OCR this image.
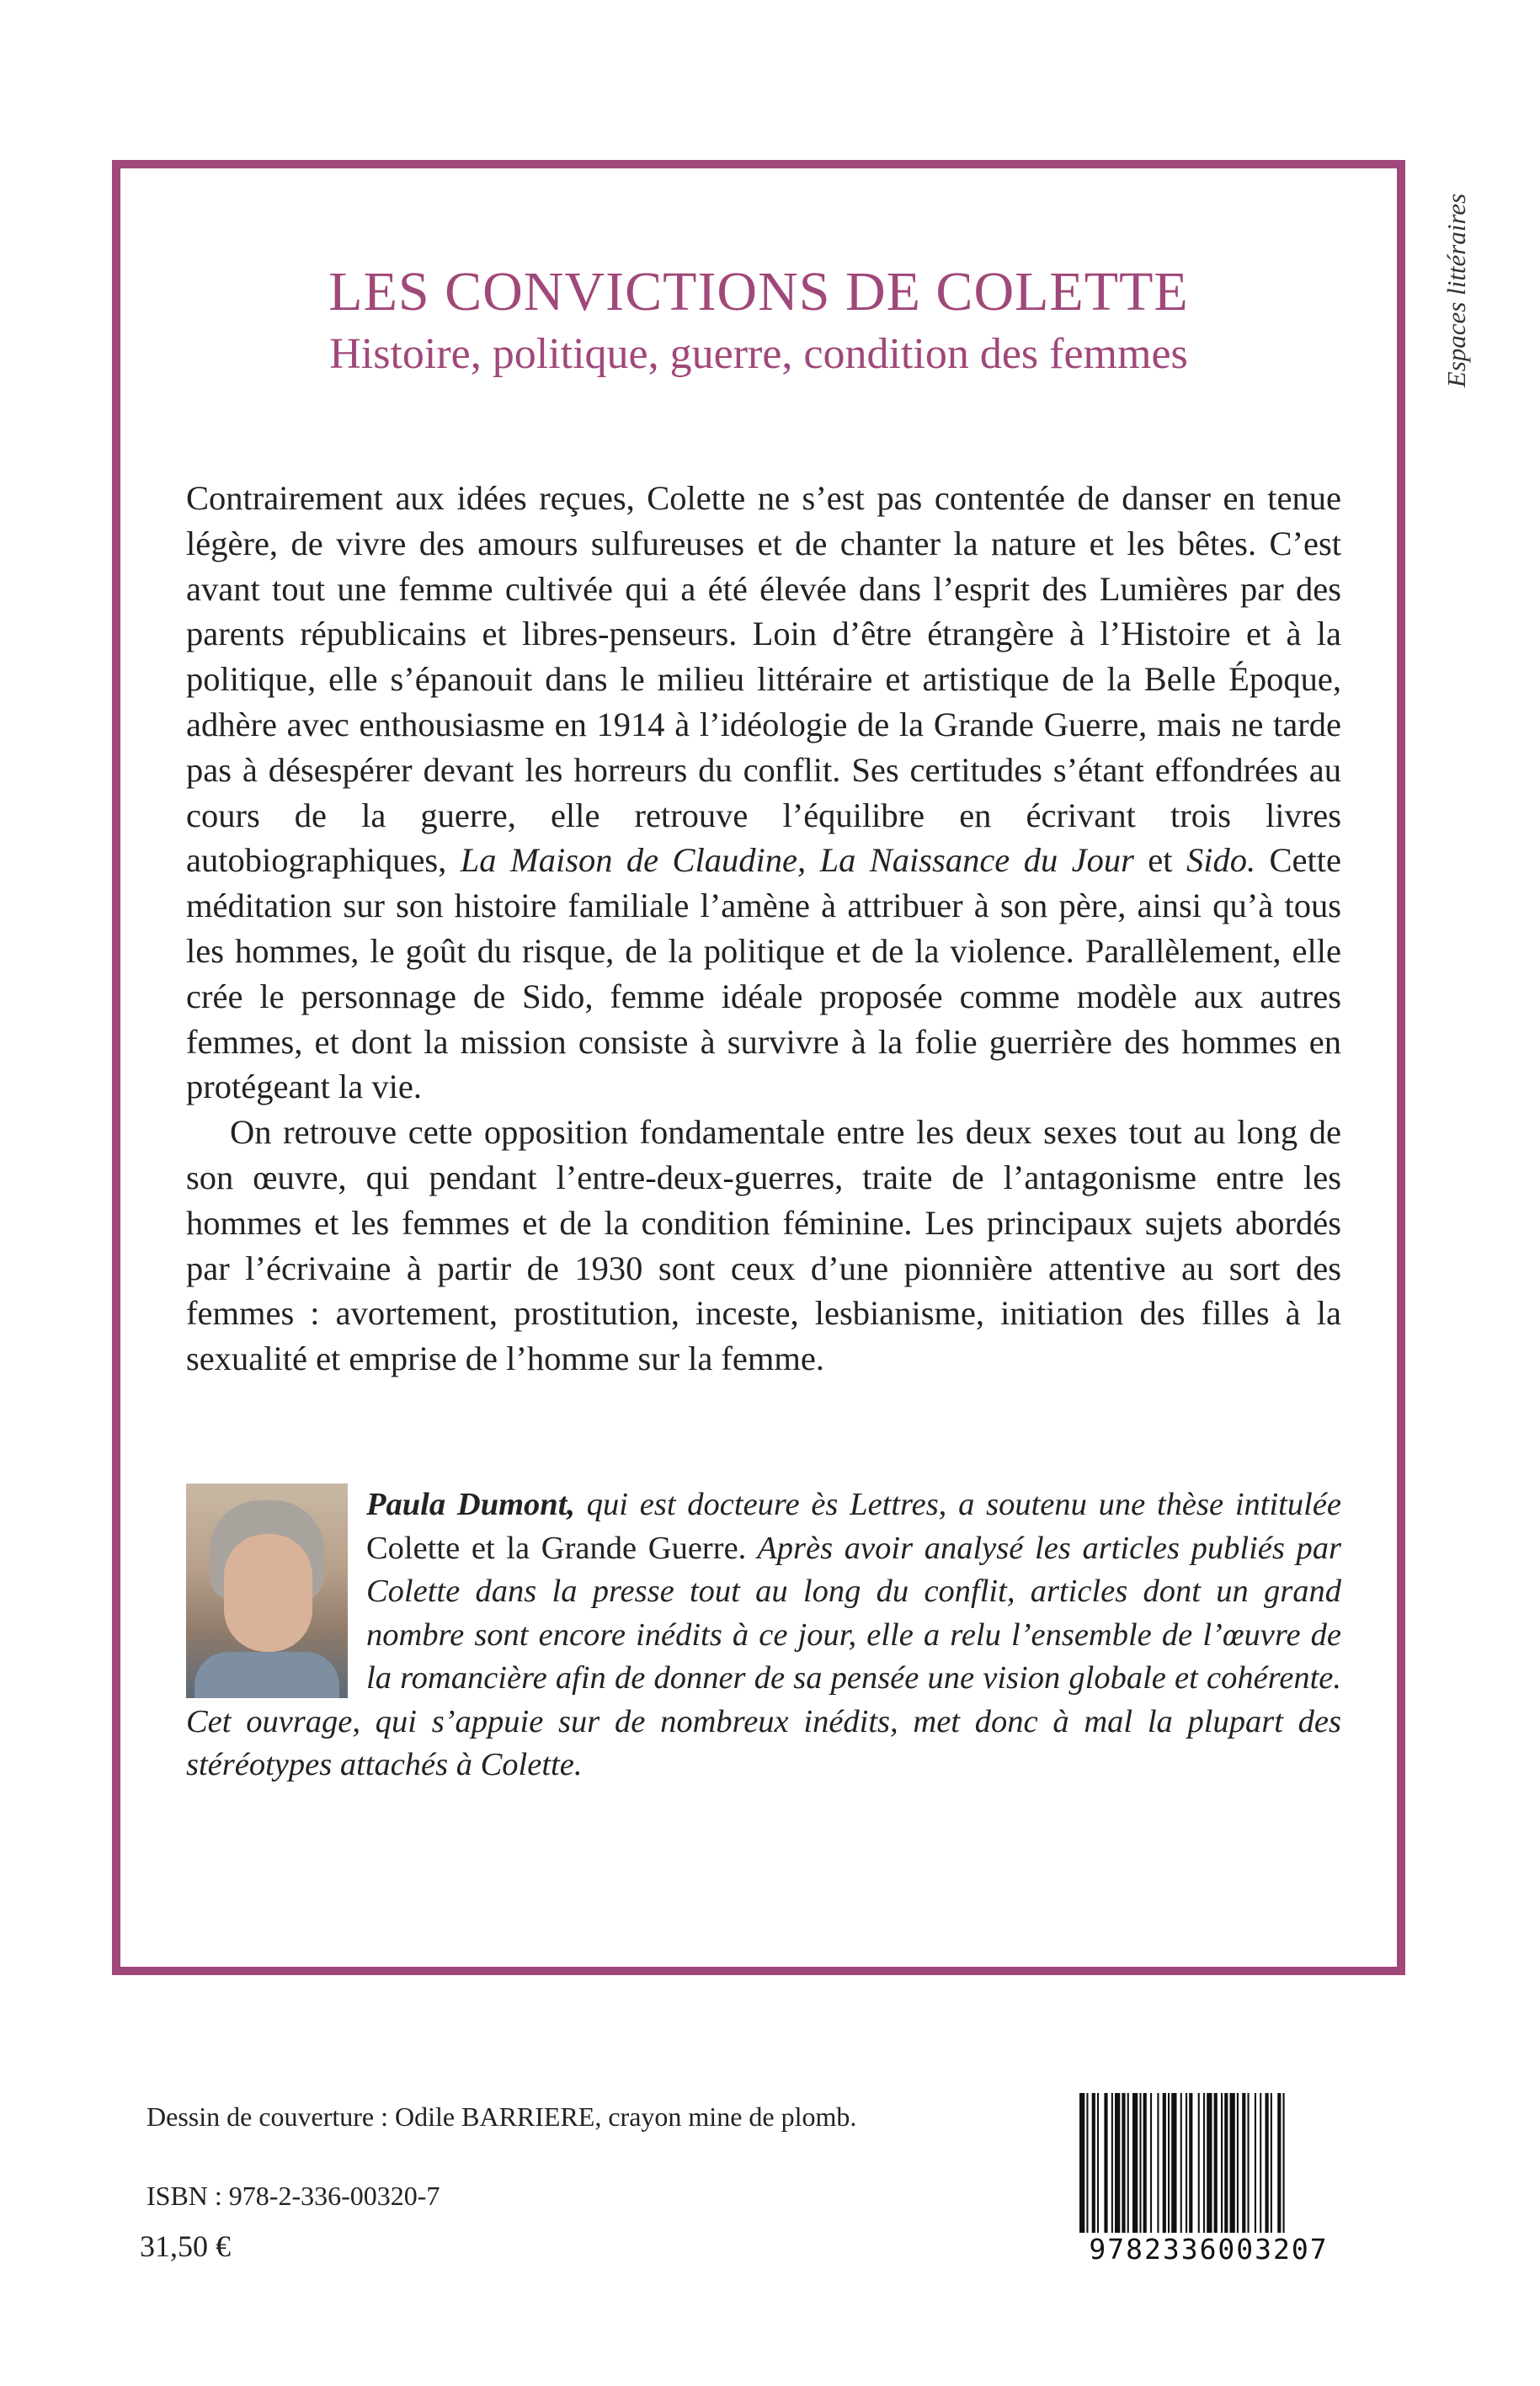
Espaces littéraires
LES CONVICTIONS DE COLETTE
Histoire, politique, guerre, condition des femmes

Contrairement aux idées reçues, Colette ne s’est pas contentée de danser en tenue légère, de vivre des amours sulfureuses et de chanter la nature et les bêtes. C’est avant tout une femme cultivée qui a été élevée dans l’esprit des Lumières par des parents républicains et libres-penseurs. Loin d’être étrangère à l’Histoire et à la politique, elle s’épanouit dans le milieu littéraire et artistique de la Belle Époque, adhère avec enthousiasme en 1914 à l’idéologie de la Grande Guerre, mais ne tarde pas à désespérer devant les horreurs du conflit. Ses certitudes s’étant effondrées au cours de la guerre, elle retrouve l’équilibre en écrivant trois livres autobiographiques, La Maison de Claudine, La Naissance du Jour et Sido. Cette méditation sur son histoire familiale l’amène à attribuer à son père, ainsi qu’à tous les hommes, le goût du risque, de la politique et de la violence. Parallèlement, elle crée le personnage de Sido, femme idéale proposée comme modèle aux autres femmes, et dont la mission consiste à survivre à la folie guerrière des hommes en protégeant la vie.

On retrouve cette opposition fondamentale entre les deux sexes tout au long de son œuvre, qui pendant l’entre-deux-guerres, traite de l’antagonisme entre les hommes et les femmes et de la condition féminine. Les principaux sujets abordés par l’écrivaine à partir de 1930 sont ceux d’une pionnière attentive au sort des femmes : avortement, prostitution, inceste, lesbianisme, initiation des filles à la sexualité et emprise de l’homme sur la femme.

Paula Dumont, qui est docteure ès Lettres, a soutenu une thèse intitulée Colette et la Grande Guerre. Après avoir analysé les articles publiés par Colette dans la presse tout au long du conflit, articles dont un grand nombre sont encore inédits à ce jour, elle a relu l’ensemble de l’œuvre de la romancière afin de donner de sa pensée une vision globale et cohérente. Cet ouvrage, qui s’appuie sur de nombreux inédits, met donc à mal la plupart des stéréotypes attachés à Colette.
Dessin de couverture : Odile BARRIERE, crayon mine de plomb.
ISBN : 978-2-336-00320-7
31,50 €	9782336003207
